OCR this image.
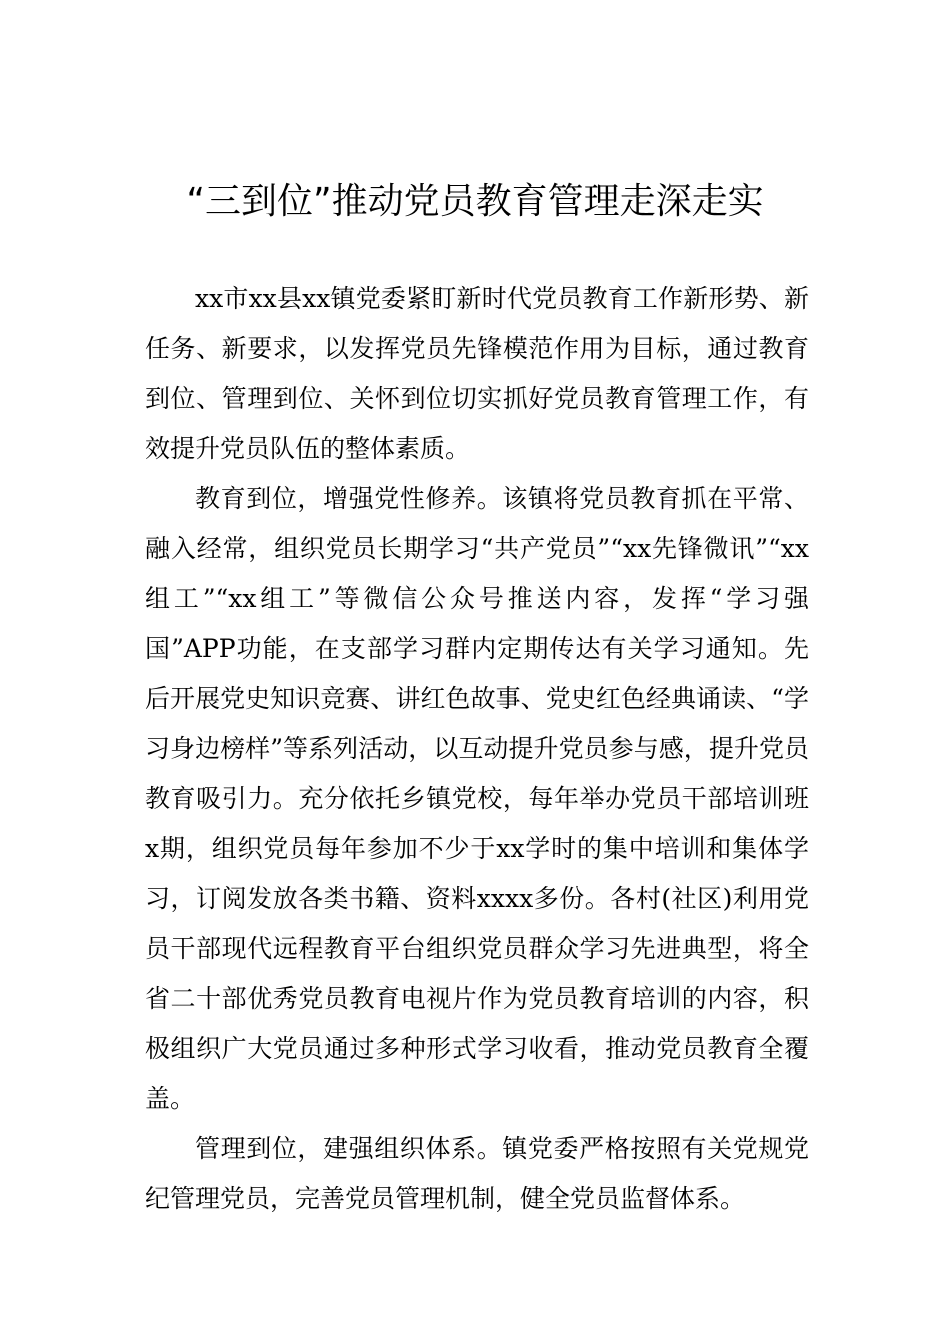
“三到位”推动党员教育管理走深走实

xx市xx县xx镇党委紧盯新时代党员教育工作新形势、新任务、新要求，以发挥党员先锋模范作用为目标，通过教育到位、管理到位、关怀到位切实抓好党员教育管理工作，有效提升党员队伍的整体素质。

教育到位，增强党性修养。该镇将党员教育抓在平常、融入经常，组织党员长期学习“共产党员”“xx先锋微讯”“xx组工”“xx组工”等微信公众号推送内容，发挥“学习强国”APP功能，在支部学习群内定期传达有关学习通知。先后开展党史知识竞赛、讲红色故事、党史红色经典诵读、“学习身边榜样”等系列活动，以互动提升党员参与感，提升党员教育吸引力。充分依托乡镇党校，每年举办党员干部培训班x期，组织党员每年参加不少于xx学时的集中培训和集体学习，订阅发放各类书籍、资料xxxx多份。各村(社区)利用党员干部现代远程教育平台组织党员群众学习先进典型，将全省二十部优秀党员教育电视片作为党员教育培训的内容，积极组织广大党员通过多种形式学习收看，推动党员教育全覆盖。

管理到位，建强组织体系。镇党委严格按照有关党规党纪管理党员，完善党员管理机制，健全党员监督体系。
